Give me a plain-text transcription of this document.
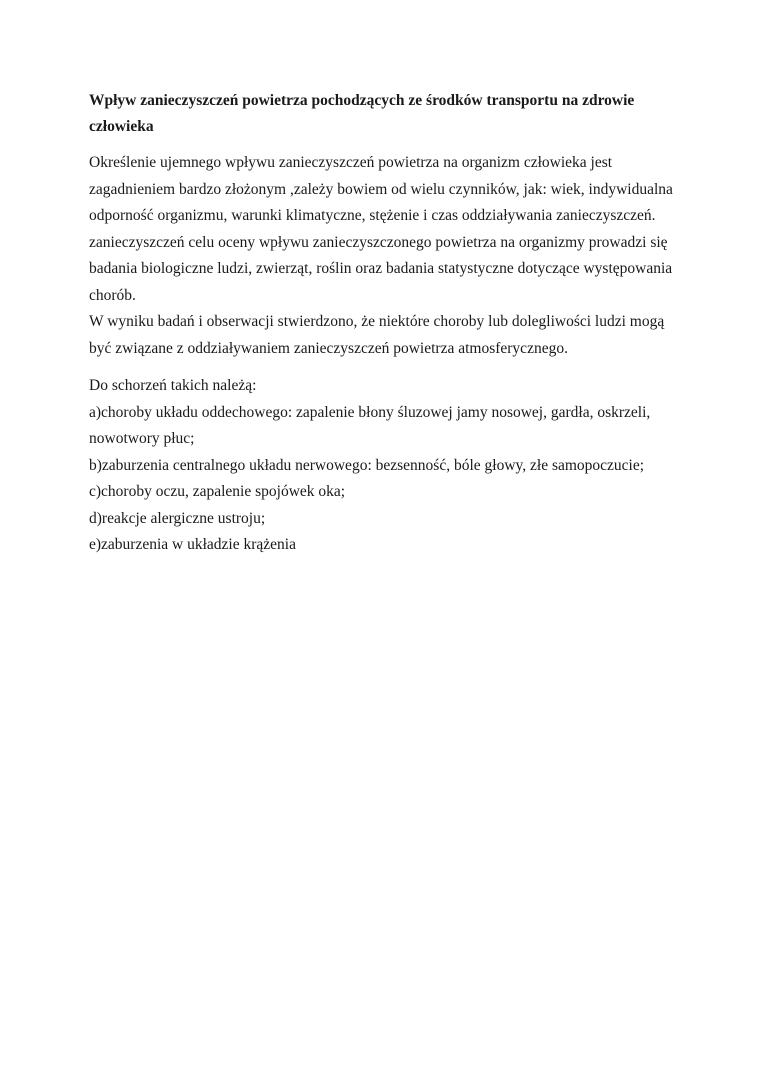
Wpływ zanieczyszczeń powietrza pochodzących ze środków transportu na zdrowie
człowieka

Określenie ujemnego wpływu zanieczyszczeń powietrza na organizm człowieka jest
zagadnieniem bardzo złożonym ,zależy bowiem od wielu czynników, jak: wiek, indywidualna
odporność organizmu, warunki klimatyczne, stężenie i czas oddziaływania zanieczyszczeń.
zanieczyszczeń celu oceny wpływu zanieczyszczonego powietrza na organizmy prowadzi się
badania biologiczne ludzi, zwierząt, roślin oraz badania statystyczne dotyczące występowania
chorób.
W wyniku badań i obserwacji stwierdzono, że niektóre choroby lub dolegliwości ludzi mogą
być związane z oddziaływaniem zanieczyszczeń powietrza atmosferycznego.

Do schorzeń takich należą:
a)choroby układu oddechowego: zapalenie błony śluzowej jamy nosowej, gardła, oskrzeli,
nowotwory płuc;
b)zaburzenia centralnego układu nerwowego: bezsenność, bóle głowy, złe samopoczucie;
c)choroby oczu, zapalenie spojówek oka;
d)reakcje alergiczne ustroju;
e)zaburzenia w układzie krążenia
